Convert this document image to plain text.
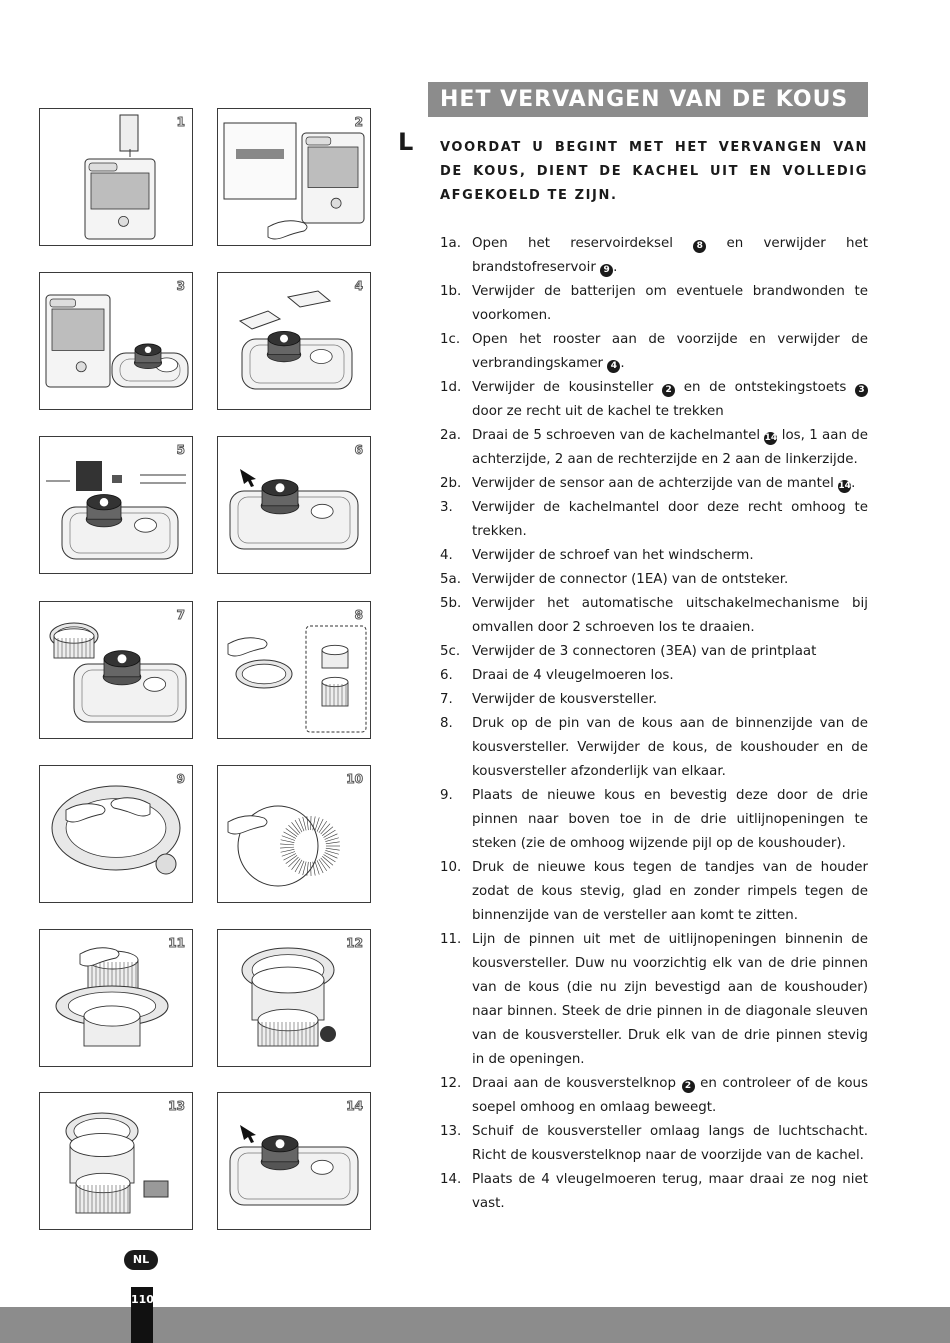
1	2
3	4
5	6
7	8
9	10
11	12
13	14
HET VERVANGEN VAN DE KOUS
L VOORDAT U BEGINT MET HET VERVANGEN VAN DE KOUS, DIENT DE KACHEL UIT EN VOLLEDIG AFGEKOELD TE ZIJN.
1a. Open het reservoirdeksel 8 en verwijder het brandstofreservoir 9 .
1b. Verwijder de batterijen om eventuele brandwonden te voorkomen.
1c. Open het rooster aan de voorzijde en verwijder de verbrandingskamer 4 .
1d. Verwijder de kousinsteller 2 en de ontstekingstoets 3 door ze recht uit de kachel te trekken
2a. Draai de 5 schroeven van de kachelmantel 14 los, 1 aan de achterzijde, 2 aan de rechterzijde en 2 aan de linkerzijde.
2b. Verwijder de sensor aan de achterzijde van de mantel 14.
3. Verwijder de kachelmantel door deze recht omhoog te trekken.
4. Verwijder de schroef van het windscherm.
5a. Verwijder de connector (1EA) van de ontsteker.
5b. Verwijder het automatische uitschakelmechanisme bij omvallen door 2 schroeven los te draaien.
5c. Verwijder de 3 connectoren (3EA) van de printplaat
6. Draai de 4 vleugelmoeren los.
7. Verwijder de kousversteller.
8. Druk op de pin van de kous aan de binnenzijde van de kousversteller. Verwijder de kous, de koushouder en de kousversteller afzonderlijk van elkaar.
9. Plaats de nieuwe kous en bevestig deze door de drie pinnen naar boven toe in de drie uitlijnopeningen te steken (zie de omhoog wijzende pijl op de koushouder).
10. Druk de nieuwe kous tegen de tandjes van de houder zodat de kous stevig, glad en zonder rimpels tegen de binnenzijde van de versteller aan komt te zitten.
11. Lijn de pinnen uit met de uitlijnopeningen binnenin de kousversteller. Duw nu voorzichtig elk van de drie pinnen van de kous (die nu zijn bevestigd aan de koushouder) naar binnen. Steek de drie pinnen in de diagonale sleuven van de kousversteller. Druk elk van de drie pinnen stevig in de openingen.
12. Draai aan de kousverstelknop 2 en controleer of de kous soepel omhoog en omlaag beweegt.
13. Schuif de kousversteller omlaag langs de luchtschacht. Richt de kousverstelknop naar de voorzijde van de kachel.
14. Plaats de 4 vleugelmoeren terug, maar draai ze nog niet vast.
NL
110
